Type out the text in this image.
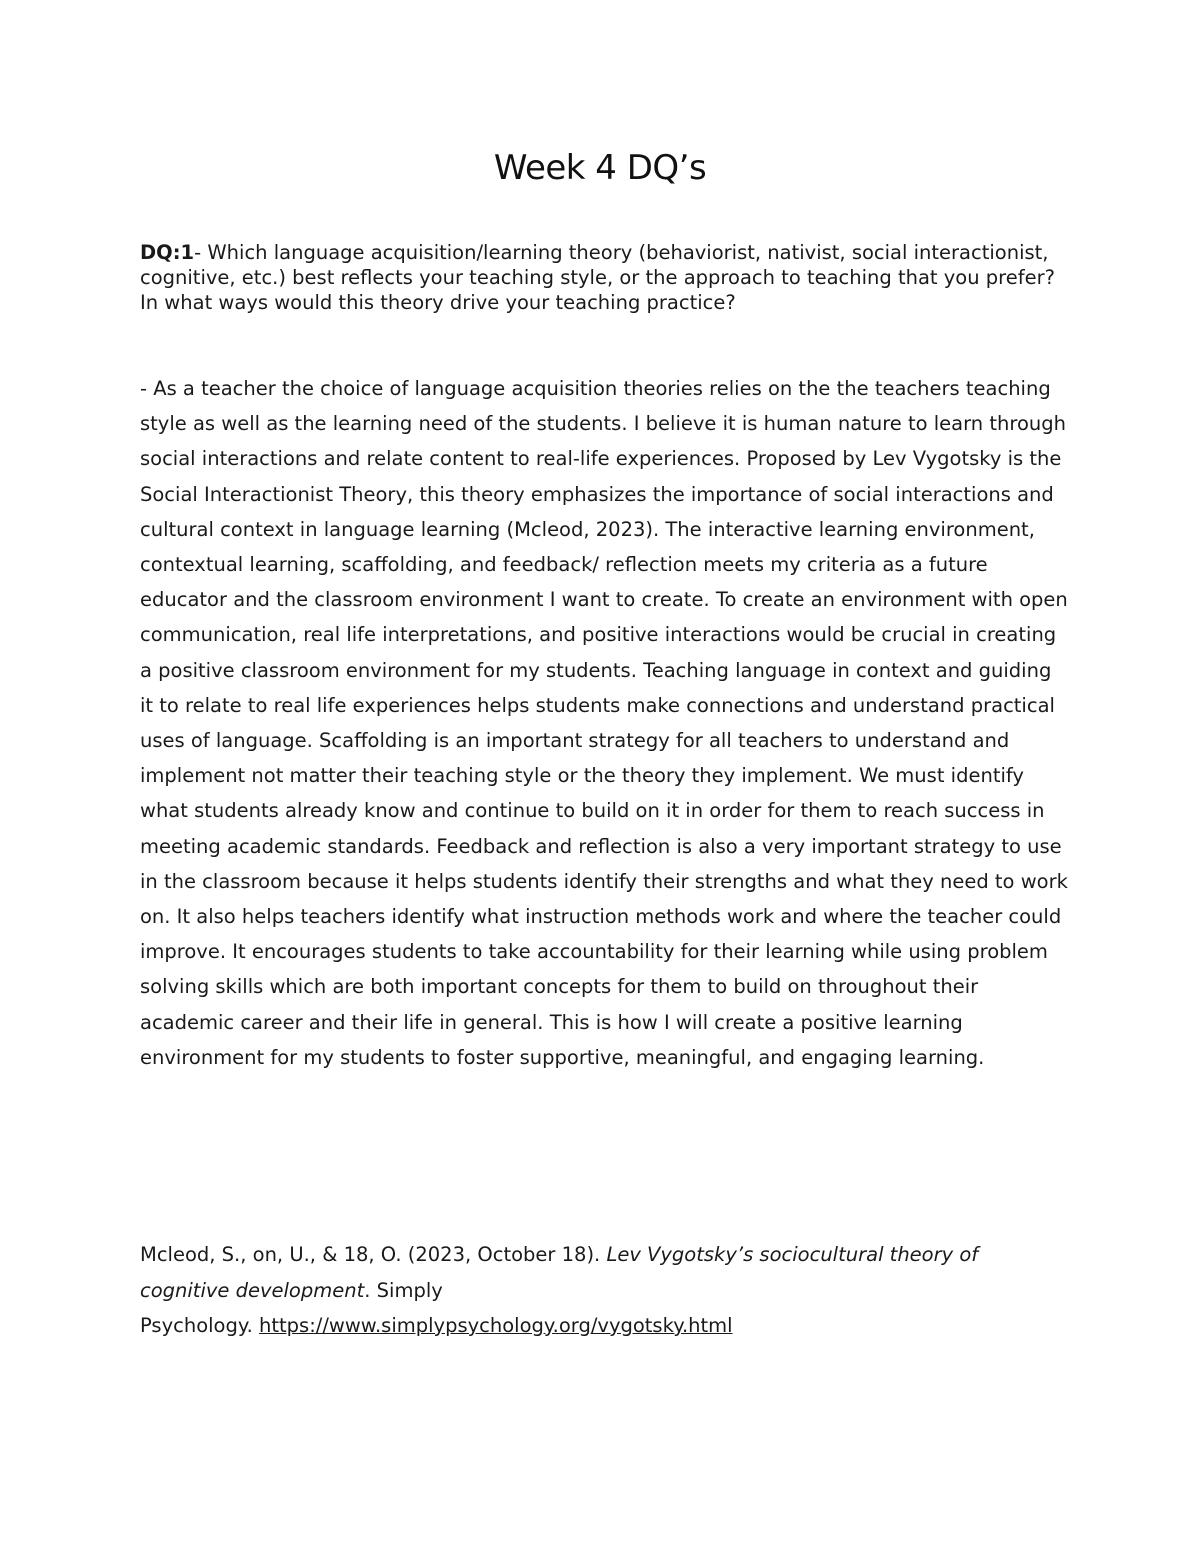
Week 4 DQ’s
DQ:1- Which language acquisition/learning theory (behaviorist, nativist, social interactionist, cognitive, etc.) best reflects your teaching style, or the approach to teaching that you prefer? In what ways would this theory drive your teaching practice?
- As a teacher the choice of language acquisition theories relies on the the teachers teaching style as well as the learning need of the students. I believe it is human nature to learn through social interactions and relate content to real-life experiences. Proposed by Lev Vygotsky is the Social Interactionist Theory, this theory emphasizes the importance of social interactions and cultural context in language learning (Mcleod, 2023). The interactive learning environment, contextual learning, scaffolding, and feedback/ reflection meets my criteria as a future educator and the classroom environment I want to create. To create an environment with open communication, real life interpretations, and positive interactions would be crucial in creating a positive classroom environment for my students. Teaching language in context and guiding it to relate to real life experiences helps students make connections and understand practical uses of language. Scaffolding is an important strategy for all teachers to understand and implement not matter their teaching style or the theory they implement. We must identify what students already know and continue to build on it in order for them to reach success in meeting academic standards. Feedback and reflection is also a very important strategy to use in the classroom because it helps students identify their strengths and what they need to work on. It also helps teachers identify what instruction methods work and where the teacher could improve. It encourages students to take accountability for their learning while using problem solving skills which are both important concepts for them to build on throughout their academic career and their life in general. This is how I will create a positive learning environment for my students to foster supportive, meaningful, and engaging learning.
Mcleod, S., on, U., & 18, O. (2023, October 18). Lev Vygotsky’s sociocultural theory of cognitive development. Simply
Psychology. https://www.simplypsychology.org/vygotsky.html
